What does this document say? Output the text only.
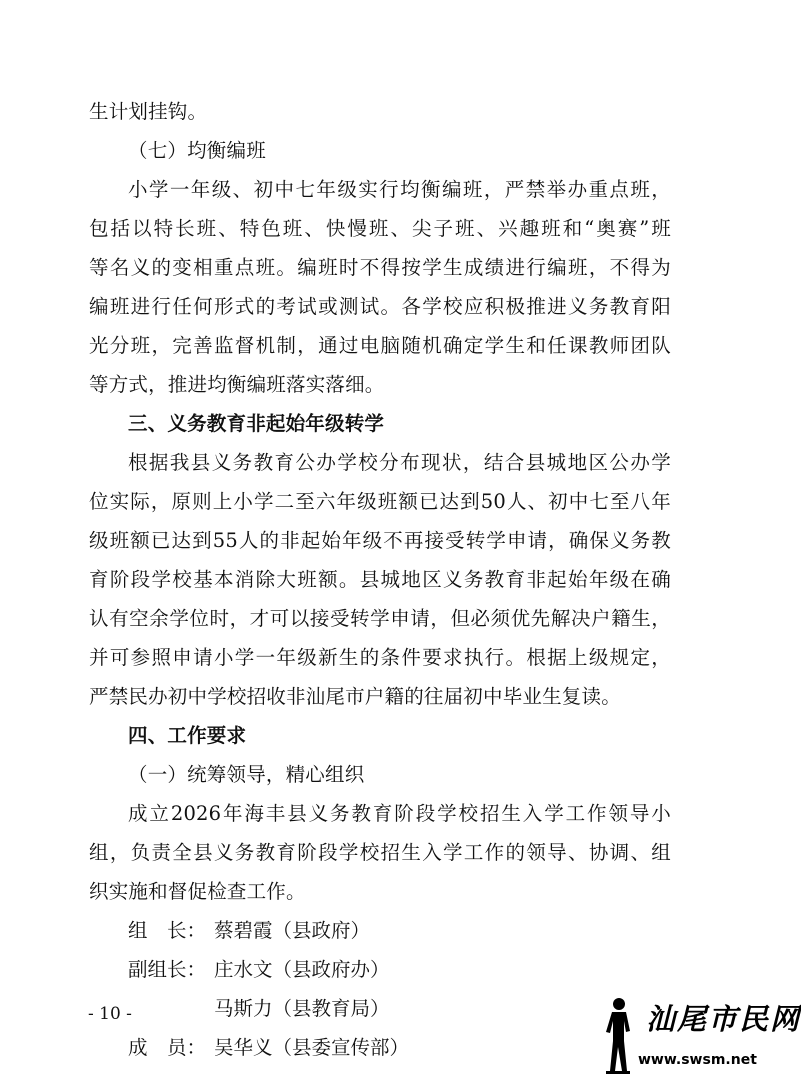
生计划挂钩。
（七）均衡编班
小学一年级、初中七年级实行均衡编班，严禁举办重点班，
包括以特长班、特色班、快慢班、尖子班、兴趣班和“奥赛”班
等名义的变相重点班。编班时不得按学生成绩进行编班，不得为
编班进行任何形式的考试或测试。各学校应积极推进义务教育阳
光分班，完善监督机制，通过电脑随机确定学生和任课教师团队
等方式，推进均衡编班落实落细。
三、义务教育非起始年级转学
根据我县义务教育公办学校分布现状，结合县城地区公办学
位实际，原则上小学二至六年级班额已达到50人、初中七至八年
级班额已达到55人的非起始年级不再接受转学申请，确保义务教
育阶段学校基本消除大班额。县城地区义务教育非起始年级在确
认有空余学位时，才可以接受转学申请，但必须优先解决户籍生，
并可参照申请小学一年级新生的条件要求执行。根据上级规定，
严禁民办初中学校招收非汕尾市户籍的往届初中毕业生复读。
四、工作要求
（一）统筹领导，精心组织
成立2026年海丰县义务教育阶段学校招生入学工作领导小
组，负责全县义务教育阶段学校招生入学工作的领导、协调、组
织实施和督促检查工作。
组　长： 蔡碧霞（县政府）
副组长： 庄水文（县政府办）
马斯力（县教育局）
成　员： 吴华义（县委宣传部）
- 10 -	汕尾市民网
www.swsm.net
